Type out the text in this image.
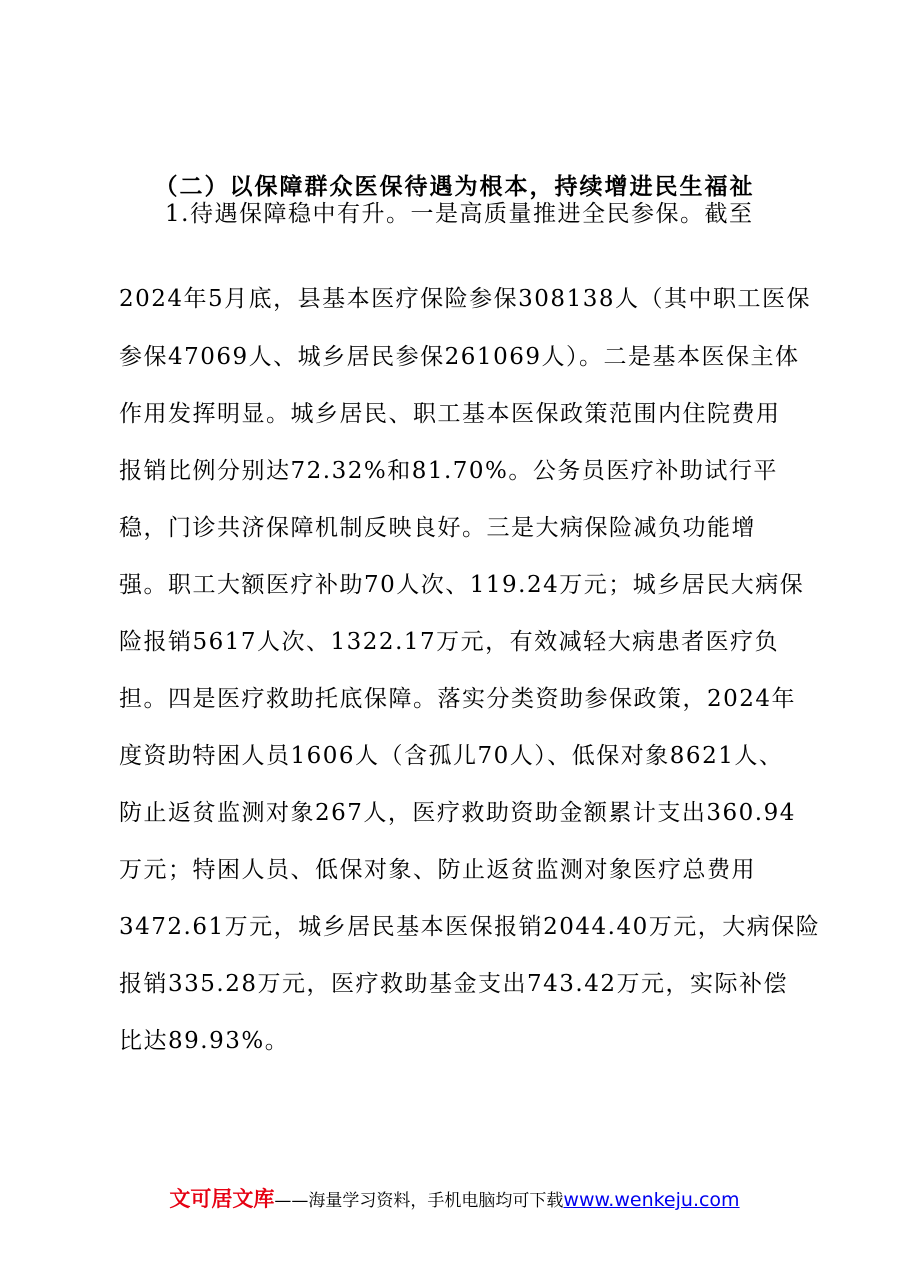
（二）以保障群众医保待遇为根本，持续增进民生福祉
1.待遇保障稳中有升。一是高质量推进全民参保。截至
2024年5月底，县基本医疗保险参保308138人（其中职工医保
参保47069人、城乡居民参保261069人）。二是基本医保主体
作用发挥明显。城乡居民、职工基本医保政策范围内住院费用
报销比例分别达72.32%和81.70%。公务员医疗补助试行平
稳，门诊共济保障机制反映良好。三是大病保险减负功能增
强。职工大额医疗补助70人次、119.24万元；城乡居民大病保
险报销5617人次、1322.17万元，有效减轻大病患者医疗负
担。四是医疗救助托底保障。落实分类资助参保政策，2024年
度资助特困人员1606人（含孤儿70人）、低保对象8621人、
防止返贫监测对象267人，医疗救助资助金额累计支出360.94
万元；特困人员、低保对象、防止返贫监测对象医疗总费用
3472.61万元，城乡居民基本医保报销2044.40万元，大病保险
报销335.28万元，医疗救助基金支出743.42万元，实际补偿
比达89.93%。
文可居文库——海量学习资料，手机电脑均可下载www.wenkeju.com
